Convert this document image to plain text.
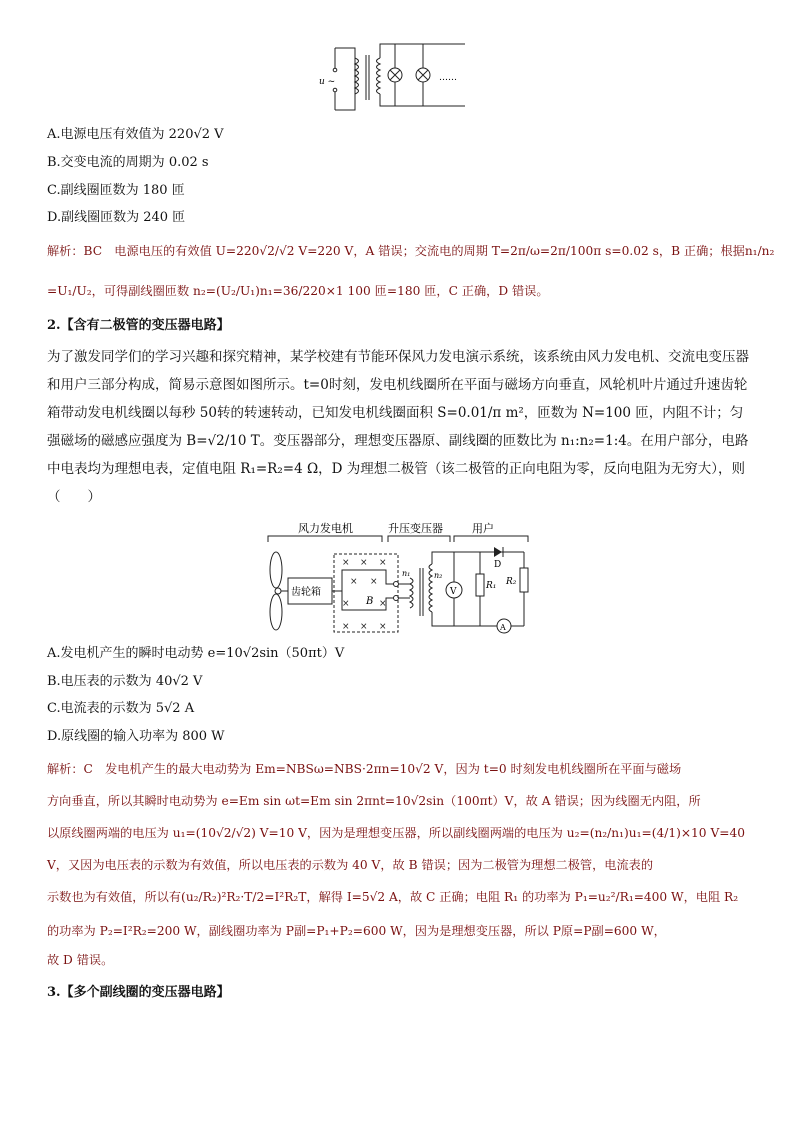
u ~	……
A.电源电压有效值为 220√2 V
B.交变电流的周期为 0.02 s
C.副线圈匝数为 180 匝
D.副线圈匝数为 240 匝
解析：BC　电源电压的有效值 U=220√2/√2 V=220 V，A 错误；交流电的周期 T=2π/ω=2π/100π s=0.02 s，B 正确；根据n₁/n₂
=U₁/U₂，可得副线圈匝数 n₂=(U₂/U₁)n₁=36/220×1 100 匝=180 匝，C 正确，D 错误。
2.【含有二极管的变压器电路】
为了激发同学们的学习兴趣和探究精神，某学校建有节能环保风力发电演示系统，该系统由风力发电机、交流电变压器和用户三部分构成，简易示意图如图所示。t=0时刻，发电机线圈所在平面与磁场方向垂直，风轮机叶片通过升速齿轮箱带动发电机线圈以每秒 50转的转速转动，已知发电机线圈面积 S=0.01/π m²，匝数为 N=100 匝，内阻不计；匀强磁场的磁感应强度为 B=√2/10 T。变压器部分，理想变压器原、副线圈的匝数比为 n₁:n₂=1:4。在用户部分，电路中电表均为理想电表，定值电阻 R₁=R₂=4 Ω，D 为理想二极管（该二极管的正向电阻为零，反向电阻为无穷大），则（　　）
× × ×
× ×
×	×
× × ×
风力发电机	升压变压器	用户
齿轮箱
B
n₁	n₂
V
R₁ R₂
D
A
A.发电机产生的瞬时电动势 e=10√2sin（50πt）V
B.电压表的示数为 40√2 V
C.电流表的示数为 5√2 A
D.原线圈的输入功率为 800 W
解析：C　发电机产生的最大电动势为 Em=NBSω=NBS·2πn=10√2 V，因为 t=0 时刻发电机线圈所在平面与磁场
方向垂直，所以其瞬时电动势为 e=Em sin ωt=Em sin 2πnt=10√2sin（100πt）V，故 A 错误；因为线圈无内阻，所
以原线圈两端的电压为 u₁=(10√2/√2) V=10 V，因为是理想变压器，所以副线圈两端的电压为 u₂=(n₂/n₁)u₁=(4/1)×10 V=40
V，又因为电压表的示数为有效值，所以电压表的示数为 40 V，故 B 错误；因为二极管为理想二极管，电流表的
示数也为有效值，所以有(u₂/R₂)²R₂·T/2=I²R₂T，解得 I=5√2 A，故 C 正确；电阻 R₁ 的功率为 P₁=u₂²/R₁=400 W，电阻 R₂
的功率为 P₂=I²R₂=200 W，副线圈功率为 P副=P₁+P₂=600 W，因为是理想变压器，所以 P原=P副=600 W，
故 D 错误。
3.【多个副线圈的变压器电路】
